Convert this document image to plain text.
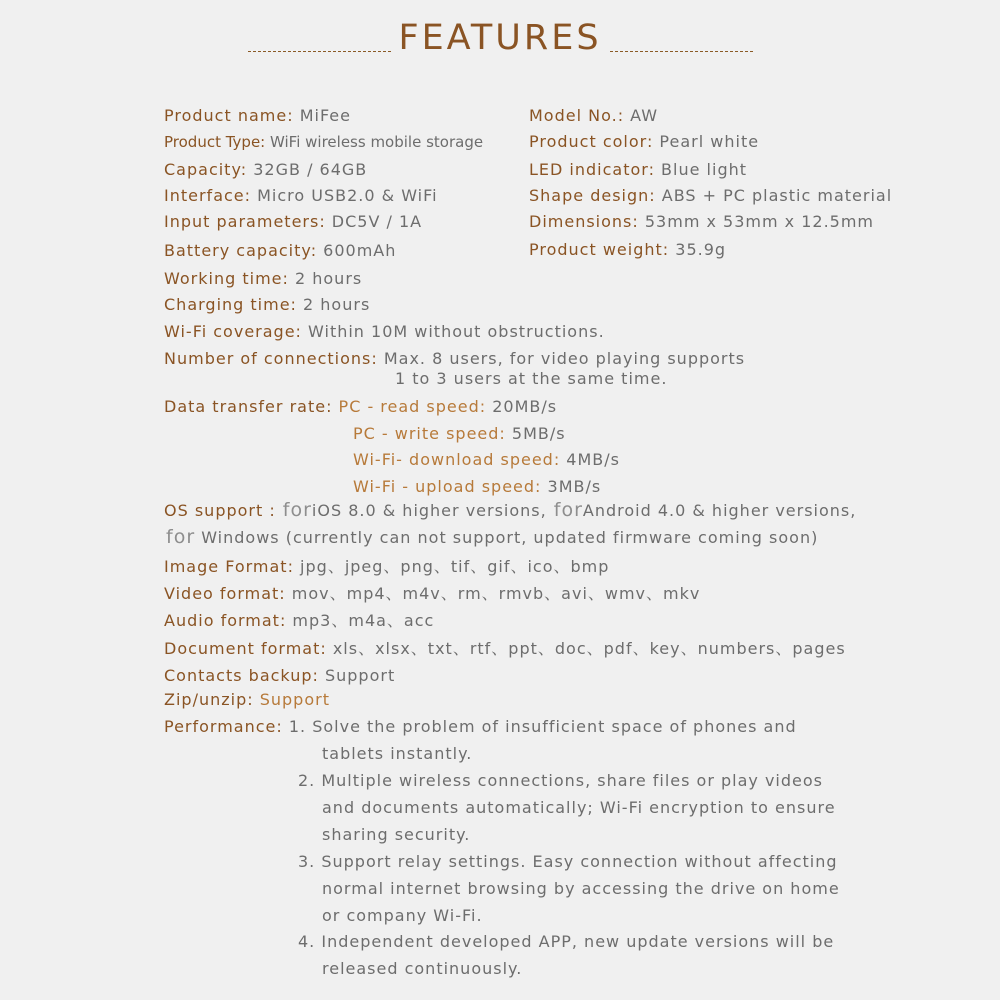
FEATURES
Product name: MiFee
Product Type: WiFi wireless mobile storage
Capacity: 32GB / 64GB
Interface: Micro USB2.0 & WiFi
Input parameters: DC5V / 1A
Battery capacity: 600mAh
Model No.: AW
Product color: Pearl white
LED indicator: Blue light
Shape design: ABS + PC plastic material
Dimensions: 53mm x 53mm x 12.5mm
Product weight: 35.9g
Working time: 2 hours
Charging time: 2 hours
Wi-Fi coverage: Within 10M without obstructions.
Number of connections: Max. 8 users, for video playing supports
1 to 3 users at the same time.
Data transfer rate: PC - read speed: 20MB/s
PC - write speed: 5MB/s
Wi-Fi- download speed: 4MB/s
Wi-Fi - upload speed: 3MB/s
OS support : foriOS 8.0 & higher versions, forAndroid 4.0 & higher versions,
for Windows (currently can not support, updated firmware coming soon)
Image Format: jpg、jpeg、png、tif、gif、ico、bmp
Video format: mov、mp4、m4v、rm、rmvb、avi、wmv、mkv
Audio format: mp3、m4a、acc
Document format: xls、xlsx、txt、rtf、ppt、doc、pdf、key、numbers、pages
Contacts backup: Support
Zip/unzip: Support
Performance: 1. Solve the problem of insufficient space of phones and
tablets instantly.
2. Multiple wireless connections, share files or play videos
and documents automatically; Wi-Fi encryption to ensure
sharing security.
3. Support relay settings. Easy connection without affecting
normal internet browsing by accessing the drive on home
or company Wi-Fi.
4. Independent developed APP, new update versions will be
released continuously.
